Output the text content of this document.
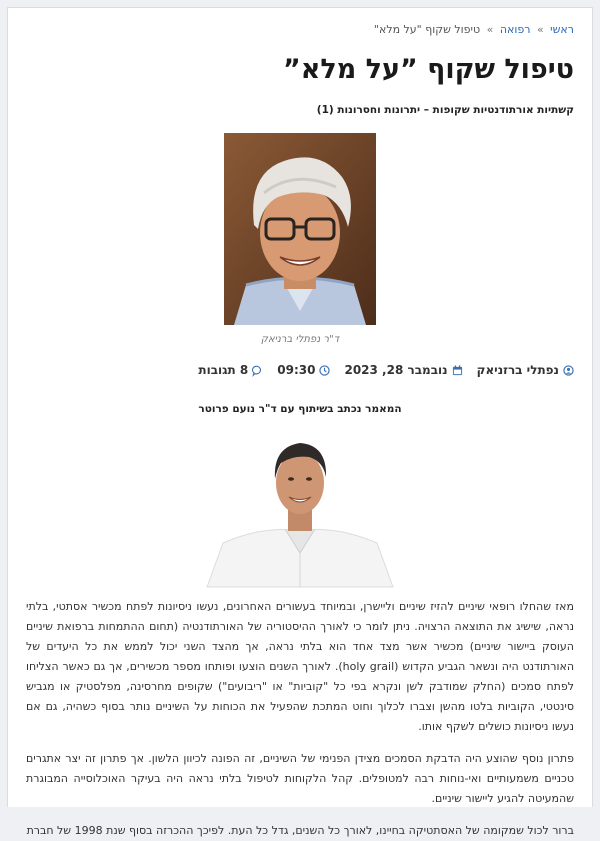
ראשי » רפואה » טיפול שקוף "על מלא"
טיפול שקוף ”על מלא”
קשתיות אורתודנטיות שקופות – יתרונות וחסרונות (1)
ד"ר נפתלי ברניאק
נפתלי ברזניאק
נובמבר 28, 2023
09:30
8 תגובות
המאמר נכתב בשיתוף עם ד"ר נועם פרוטר

מאז שהחלו רופאי שיניים להזיז שיניים וליישרן, ובמיוחד בעשורים האחרונים, נעשו ניסיונות לפתח מכשיר אסתטי, בלתי נראה, שישיג את התוצאה הרצויה. ניתן לומר כי לאורך ההיסטוריה של האורתודנטיה (תחום ההתמחות ברפואת שיניים העוסק ביישור שיניים) מכשיר אשר מצד אחד הוא בלתי נראה, אך מהצד השני יכול לממש את כל היעדים של האורתודנט היה ונשאר הגביע הקדוש (holy grail). לאורך השנים הוצעו ופותחו מספר מכשירים, אך גם כאשר הצליחו לפתח סמכים (החלק שמודבק לשן ונקרא בפי כל "קוביות" או "ריבועים") שקופים מחרסינה, מפלסטיק או מגביש סינטטי, הקוביות בלטו מהשן וצברו לכלוך וחוט המתכת שהפעיל את הכוחות על השיניים נותר בסוף כשהיה, גם אם נעשו ניסיונות כושלים לשקף אותו.

פתרון נוסף שהוצע היה הדבקת הסמכים מצידן הפנימי של השיניים, זה הפונה לכיוון הלשון. אך פתרון זה יצר אתגרים טכניים משמעותיים ואי-נוחות רבה למטופלים. קהל הלקוחות לטיפול בלתי נראה היה בעיקר האוכלוסייה המבוגרת שהמעיטה להגיע ליישור שיניים.

ברור לכול שמקומה של האסתטיקה בחיינו, לאורך כל השנים, גדל כל העת. לפיכך ההכרזה בסוף שנת 1998 של חברת
